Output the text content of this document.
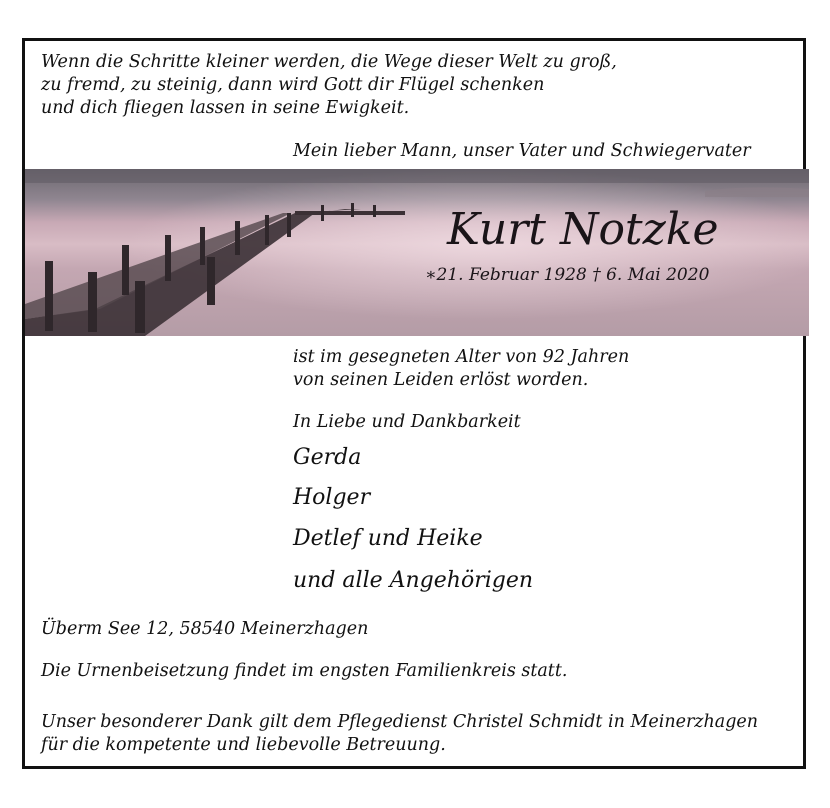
Wenn die Schritte kleiner werden, die Wege dieser Welt zu groß,
zu fremd, zu steinig, dann wird Gott dir Flügel schenken
und dich fliegen lassen in seine Ewigkeit.
Mein lieber Mann, unser Vater und Schwiegervater
Kurt Notzke
∗21. Februar 1928 † 6. Mai 2020
ist im gesegneten Alter von 92 Jahren
von seinen Leiden erlöst worden.
In Liebe und Dankbarkeit
Gerda
Holger
Detlef und Heike
und alle Angehörigen
Überm See 12, 58540 Meinerzhagen
Die Urnenbeisetzung findet im engsten Familienkreis statt.
Unser besonderer Dank gilt dem Pflegedienst Christel Schmidt in Meinerzhagen
für die kompetente und liebevolle Betreuung.
